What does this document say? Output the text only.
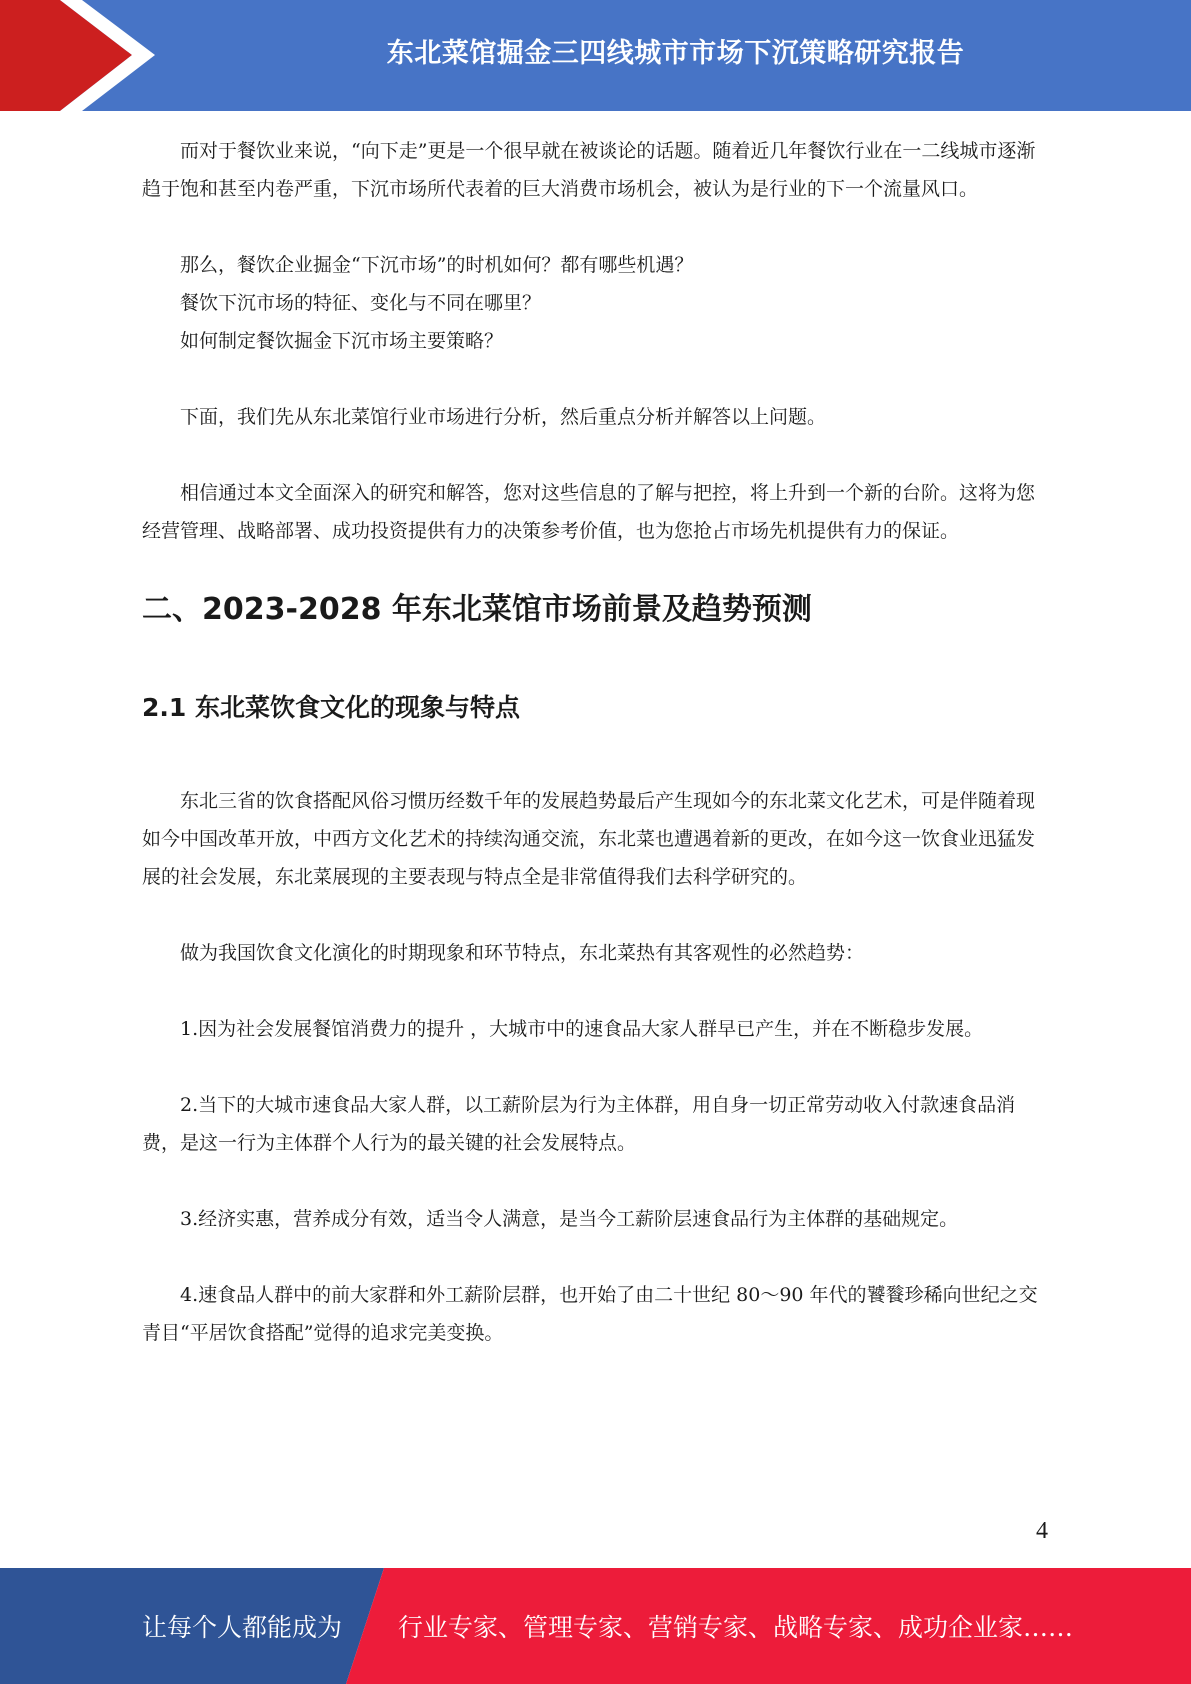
东北菜馆掘金三四线城市市场下沉策略研究报告

而对于餐饮业来说，“向下走”更是一个很早就在被谈论的话题。随着近几年餐饮行业在一二线城市逐渐趋于饱和甚至内卷严重，下沉市场所代表着的巨大消费市场机会，被认为是行业的下一个流量风口。

那么，餐饮企业掘金“下沉市场”的时机如何？都有哪些机遇？

餐饮下沉市场的特征、变化与不同在哪里？

如何制定餐饮掘金下沉市场主要策略？

下面，我们先从东北菜馆行业市场进行分析，然后重点分析并解答以上问题。

相信通过本文全面深入的研究和解答，您对这些信息的了解与把控，将上升到一个新的台阶。这将为您经营管理、战略部署、成功投资提供有力的决策参考价值，也为您抢占市场先机提供有力的保证。

二、2023-2028 年东北菜馆市场前景及趋势预测
2.1 东北菜饮食文化的现象与特点

东北三省的饮食搭配风俗习惯历经数千年的发展趋势最后产生现如今的东北菜文化艺术，可是伴随着现如今中国改革开放，中西方文化艺术的持续沟通交流，东北菜也遭遇着新的更改，在如今这一饮食业迅猛发展的社会发展，东北菜展现的主要表现与特点全是非常值得我们去科学研究的。

做为我国饮食文化演化的时期现象和环节特点，东北菜热有其客观性的必然趋势：

1.因为社会发展餐馆消费力的提升 ，大城市中的速食品大家人群早已产生，并在不断稳步发展。

2.当下的大城市速食品大家人群，以工薪阶层为行为主体群，用自身一切正常劳动收入付款速食品消费，是这一行为主体群个人行为的最关键的社会发展特点。

3.经济实惠，营养成分有效，适当令人满意，是当今工薪阶层速食品行为主体群的基础规定。

4.速食品人群中的前大家群和外工薪阶层群，也开始了由二十世纪 80～90 年代的饕餮珍稀向世纪之交青目“平居饮食搭配”觉得的追求完美变换。

4
让每个人都能成为 行业专家、管理专家、营销专家、战略专家、成功企业家……
